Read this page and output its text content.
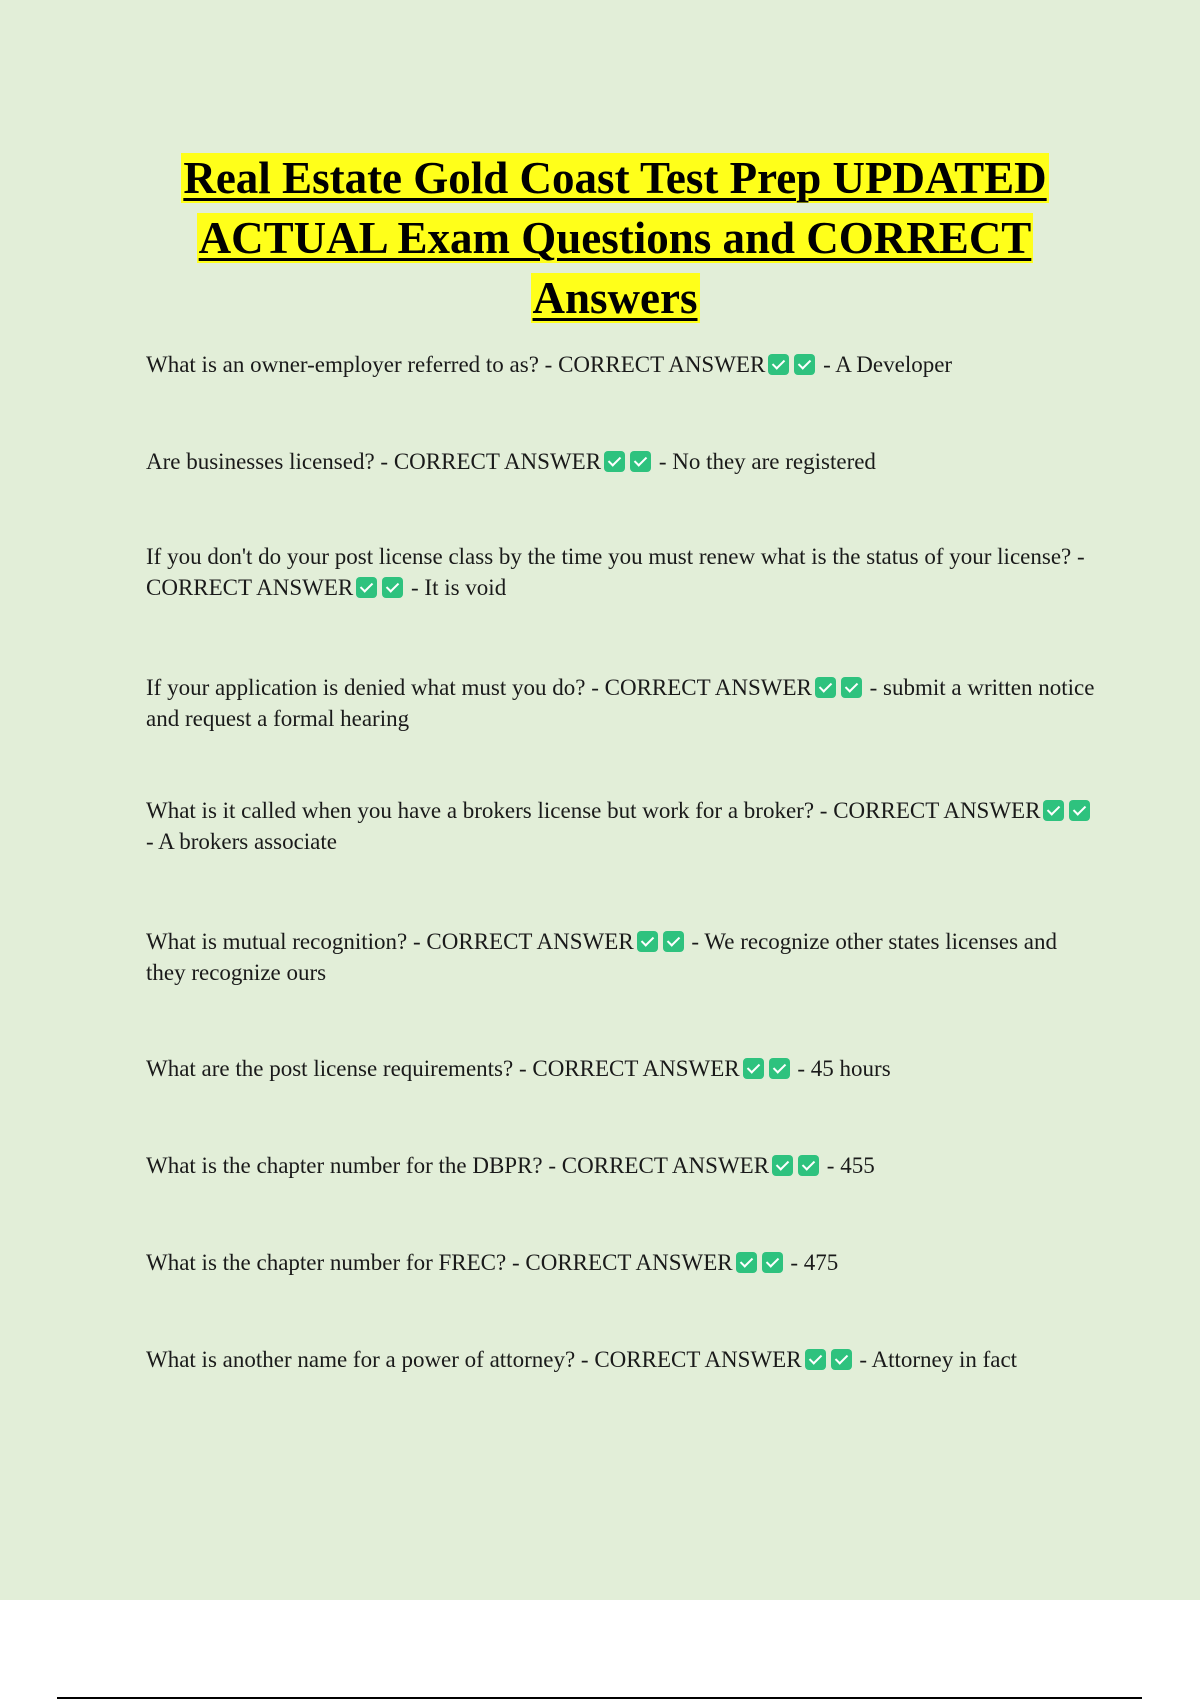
Real Estate Gold Coast Test Prep UPDATED ACTUAL Exam Questions and CORRECT Answers
What is an owner-employer referred to as? - CORRECT ANSWER - A Developer
Are businesses licensed? - CORRECT ANSWER - No they are registered
If you don't do your post license class by the time you must renew what is the status of your license? - CORRECT ANSWER - It is void
If your application is denied what must you do? - CORRECT ANSWER - submit a written notice and request a formal hearing
What is it called when you have a brokers license but work for a broker? - CORRECT ANSWER - A brokers associate
What is mutual recognition? - CORRECT ANSWER - We recognize other states licenses and they recognize ours
What are the post license requirements? - CORRECT ANSWER - 45 hours
What is the chapter number for the DBPR? - CORRECT ANSWER - 455
What is the chapter number for FREC? - CORRECT ANSWER - 475
What is another name for a power of attorney? - CORRECT ANSWER - Attorney in fact
